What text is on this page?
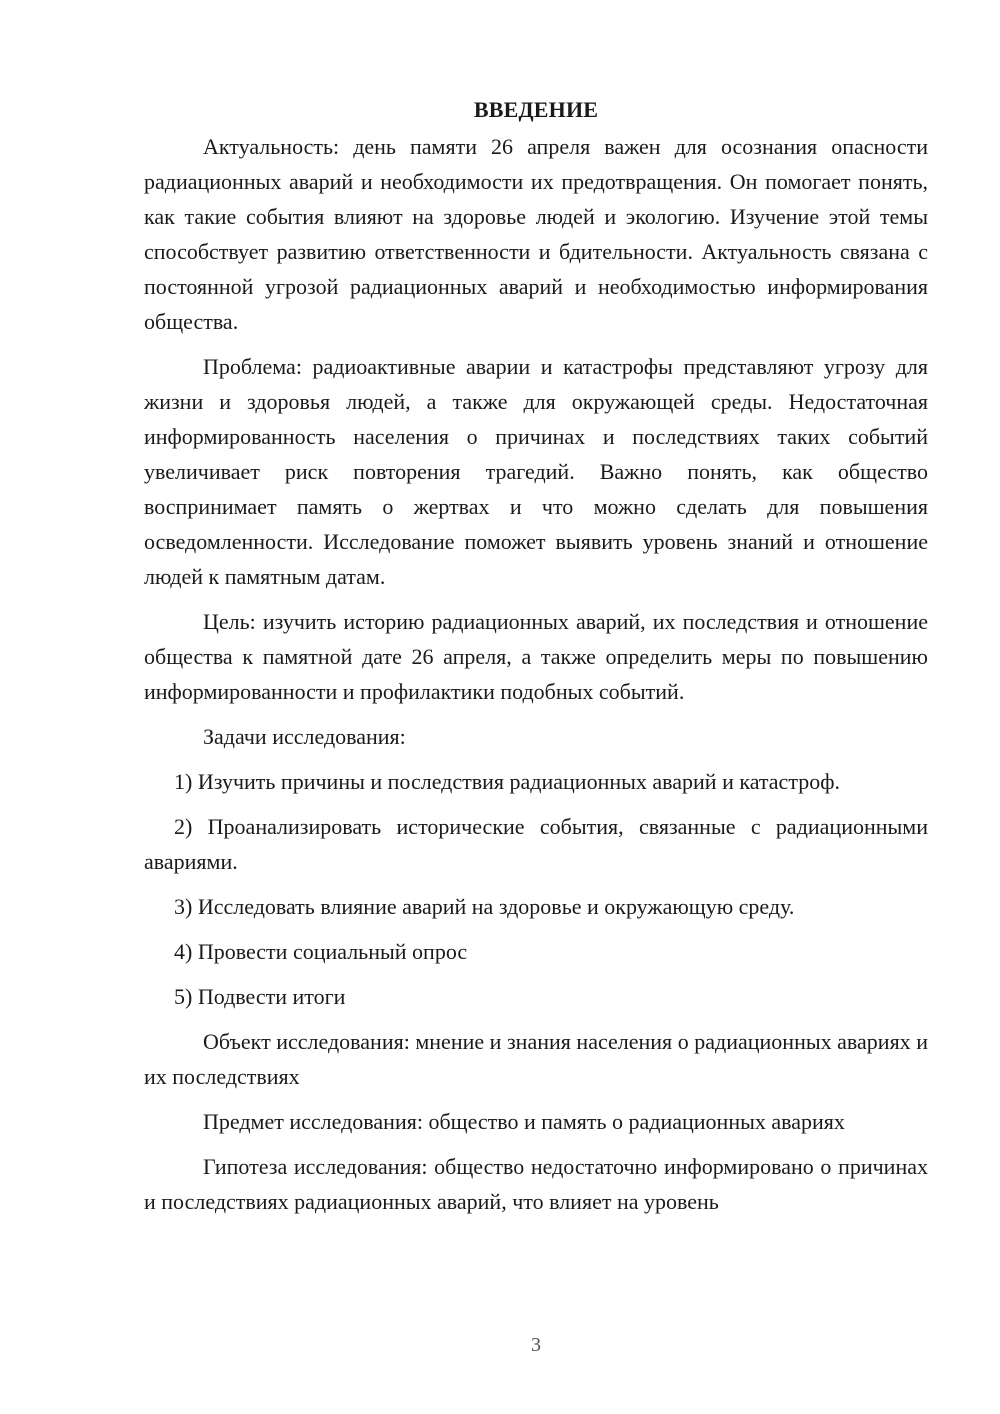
ВВЕДЕНИЕ

Актуальность: день памяти 26 апреля важен для осознания опасности радиационных аварий и необходимости их предотвращения. Он помогает понять, как такие события влияют на здоровье людей и экологию. Изучение этой темы способствует развитию ответственности и бдительности. Актуальность связана с постоянной угрозой радиационных аварий и необходимостью информирования общества.

Проблема: радиоактивные аварии и катастрофы представляют угрозу для жизни и здоровья людей, а также для окружающей среды. Недостаточная информированность населения о причинах и последствиях таких событий увеличивает риск повторения трагедий. Важно понять, как общество воспринимает память о жертвах и что можно сделать для повышения осведомленности. Исследование поможет выявить уровень знаний и отношение людей к памятным датам.

Цель: изучить историю радиационных аварий, их последствия и отношение общества к памятной дате 26 апреля, а также определить меры по повышению информированности и профилактики подобных событий.

Задачи исследования:

1) Изучить причины и последствия радиационных аварий и катастроф.

2) Проанализировать исторические события, связанные с радиационными авариями.

3) Исследовать влияние аварий на здоровье и окружающую среду.

4) Провести социальный опрос

5) Подвести итоги

Объект исследования: мнение и знания населения о радиационных авариях и их последствиях

Предмет исследования: общество и память о радиационных авариях

Гипотеза исследования: общество недостаточно информировано о причинах и последствиях радиационных аварий, что влияет на уровень

3
